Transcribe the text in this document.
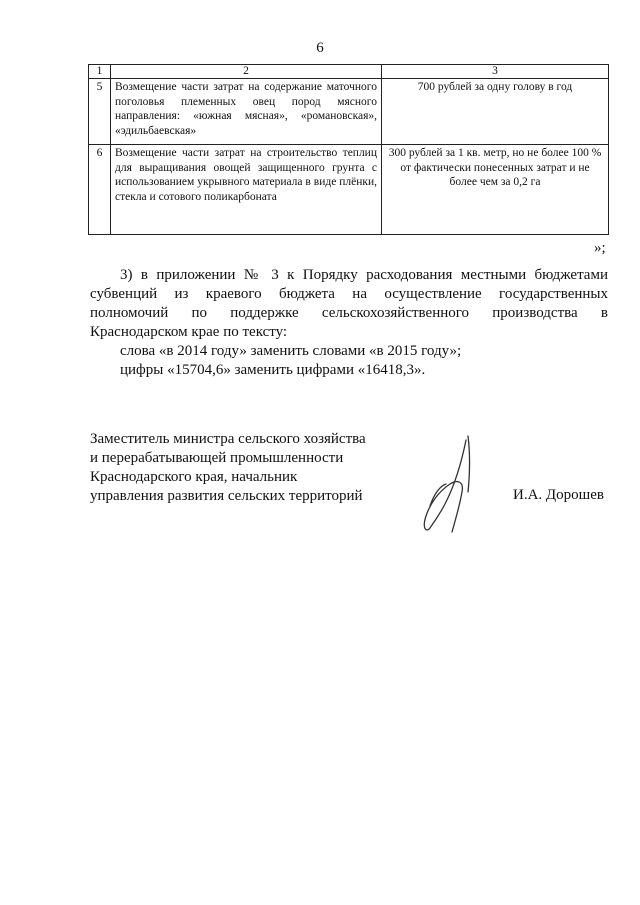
6
1	2	3
5	Возмещение части затрат на содержание маточного поголовья племенных овец пород мясного направления: «южная мясная», «романовская», «эдильбаевская»	700 рублей за одну голову в год
6	Возмещение части затрат на строительство теплиц для выращивания овощей защищенного грунта с использованием укрывного материала в виде плёнки, стекла и сотового поликарбоната	300 рублей за 1 кв. метр, но не более 100 % от фактически понесенных затрат и не более чем за 0,2 га
»;

3) в приложении № 3 к Порядку расходования местными бюджетами субвенций из краевого бюджета на осуществление государственных полномочий по поддержке сельскохозяйственного производства в Краснодарском крае по тексту:

слова «в 2014 году» заменить словами «в 2015 году»;

цифры «15704,6» заменить цифрами «16418,3».

Заместитель министра сельского хозяйства
и перерабатывающей промышленности
Краснодарского края, начальник
управления развития сельских территорий	И.А. Дорошев
